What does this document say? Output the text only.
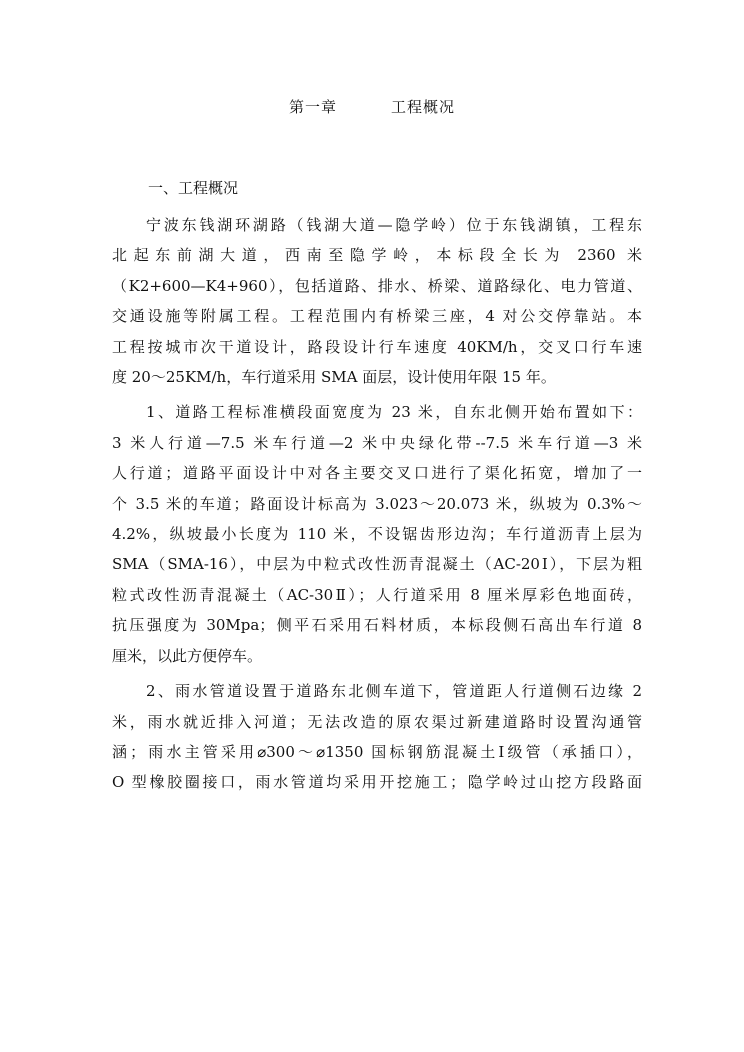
第一章	工程概况
一、工程概况

宁波东钱湖环湖路（钱湖大道—隐学岭）位于东钱湖镇，工程东
北起东前湖大道，西南至隐学岭，本标段全长为 2360 米
（K2+600—K4+960），包括道路、排水、桥梁、道路绿化、电力管道、
交通设施等附属工程。工程范围内有桥梁三座，4 对公交停靠站。本
工程按城市次干道设计，路段设计行车速度 40KM/h，交叉口行车速
度 20～25KM/h，车行道采用 SMA 面层，设计使用年限 15 年。

1、道路工程标准横段面宽度为 23 米，自东北侧开始布置如下：
3 米人行道—7.5 米车行道—2 米中央绿化带--7.5 米车行道—3 米
人行道；道路平面设计中对各主要交叉口进行了渠化拓宽，增加了一
个 3.5 米的车道；路面设计标高为 3.023～20.073 米，纵坡为 0.3%～
4.2%，纵坡最小长度为 110 米，不设锯齿形边沟；车行道沥青上层为
SMA（SMA-16），中层为中粒式改性沥青混凝土（AC-20Ⅰ），下层为粗
粒式改性沥青混凝土（AC-30Ⅱ）；人行道采用 8 厘米厚彩色地面砖，
抗压强度为 30Mpa；侧平石采用石料材质，本标段侧石高出车行道 8
厘米，以此方便停车。

2、雨水管道设置于道路东北侧车道下，管道距人行道侧石边缘 2
米，雨水就近排入河道；无法改造的原农渠过新建道路时设置沟通管
涵；雨水主管采用⌀300～⌀1350 国标钢筋混凝土Ⅰ级管（承插口），
O 型橡胶圈接口，雨水管道均采用开挖施工；隐学岭过山挖方段路面
